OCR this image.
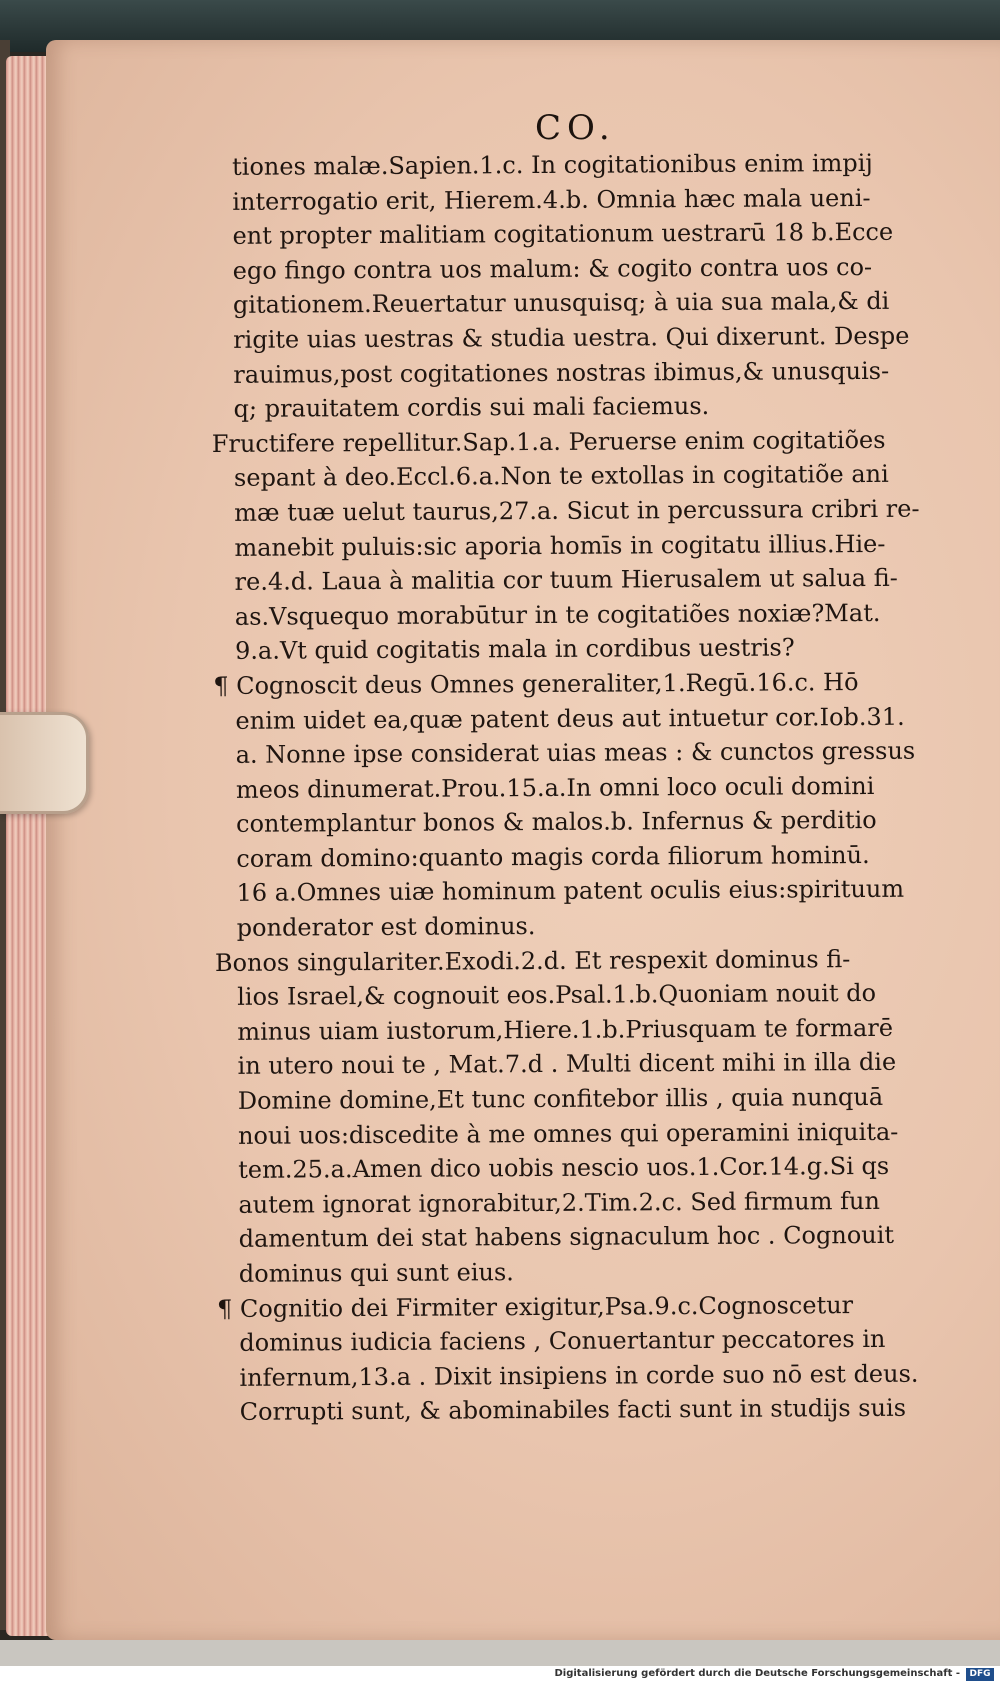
CO.
tiones malæ.Sapien.1.c. In cogitationibus enim impij
interrogatio erit, Hierem.4.b. Omnia hæc mala ueni-
ent propter malitiam cogitationum uestrarū 18 b.Ecce
ego fingo contra uos malum: & cogito contra uos co-
gitationem.Reuertatur unusquisq; à uia sua mala,& di
rigite uias uestras & studia uestra. Qui dixerunt. Despe
rauimus,post cogitationes nostras ibimus,& unusquis-
q; prauitatem cordis sui mali faciemus.
Fructifere repellitur.Sap.1.a. Peruerse enim cogitatiões
sepant à deo.Eccl.6.a.Non te extollas in cogitatiõe ani
mæ tuæ uelut taurus,27.a. Sicut in percussura cribri re-
manebit puluis:sic aporia homīs in cogitatu illius.Hie-
re.4.d. Laua à malitia cor tuum Hierusalem ut salua fi-
as.Vsquequo morabūtur in te cogitatiões noxiæ?Mat.
9.a.Vt quid cogitatis mala in cordibus uestris?
¶ Cognoscit deus Omnes generaliter,1.Regū.16.c. Hō
enim uidet ea,quæ patent deus aut intuetur cor.Iob.31.
a. Nonne ipse considerat uias meas : & cunctos gressus
meos dinumerat.Prou.15.a.In omni loco oculi domini
contemplantur bonos & malos.b. Infernus & perditio
coram domino:quanto magis corda filiorum hominū.
16 a.Omnes uiæ hominum patent oculis eius:spirituum
ponderator est dominus.
Bonos singulariter.Exodi.2.d. Et respexit dominus fi-
lios Israel,& cognouit eos.Psal.1.b.Quoniam nouit do
minus uiam iustorum,Hiere.1.b.Priusquam te formarē
in utero noui te , Mat.7.d . Multi dicent mihi in illa die
Domine domine,Et tunc confitebor illis , quia nunquā
noui uos:discedite à me omnes qui operamini iniquita-
tem.25.a.Amen dico uobis nescio uos.1.Cor.14.g.Si qs
autem ignorat ignorabitur,2.Tim.2.c. Sed firmum fun
damentum dei stat habens signaculum hoc . Cognouit
dominus qui sunt eius.
¶ Cognitio dei Firmiter exigitur,Psa.9.c.Cognoscetur
dominus iudicia faciens , Conuertantur peccatores in
infernum,13.a . Dixit insipiens in corde suo nō est deus.
Corrupti sunt, & abominabiles facti sunt in studijs suis
Digitalisierung gefördert durch die Deutsche Forschungsgemeinschaft -	DFG
